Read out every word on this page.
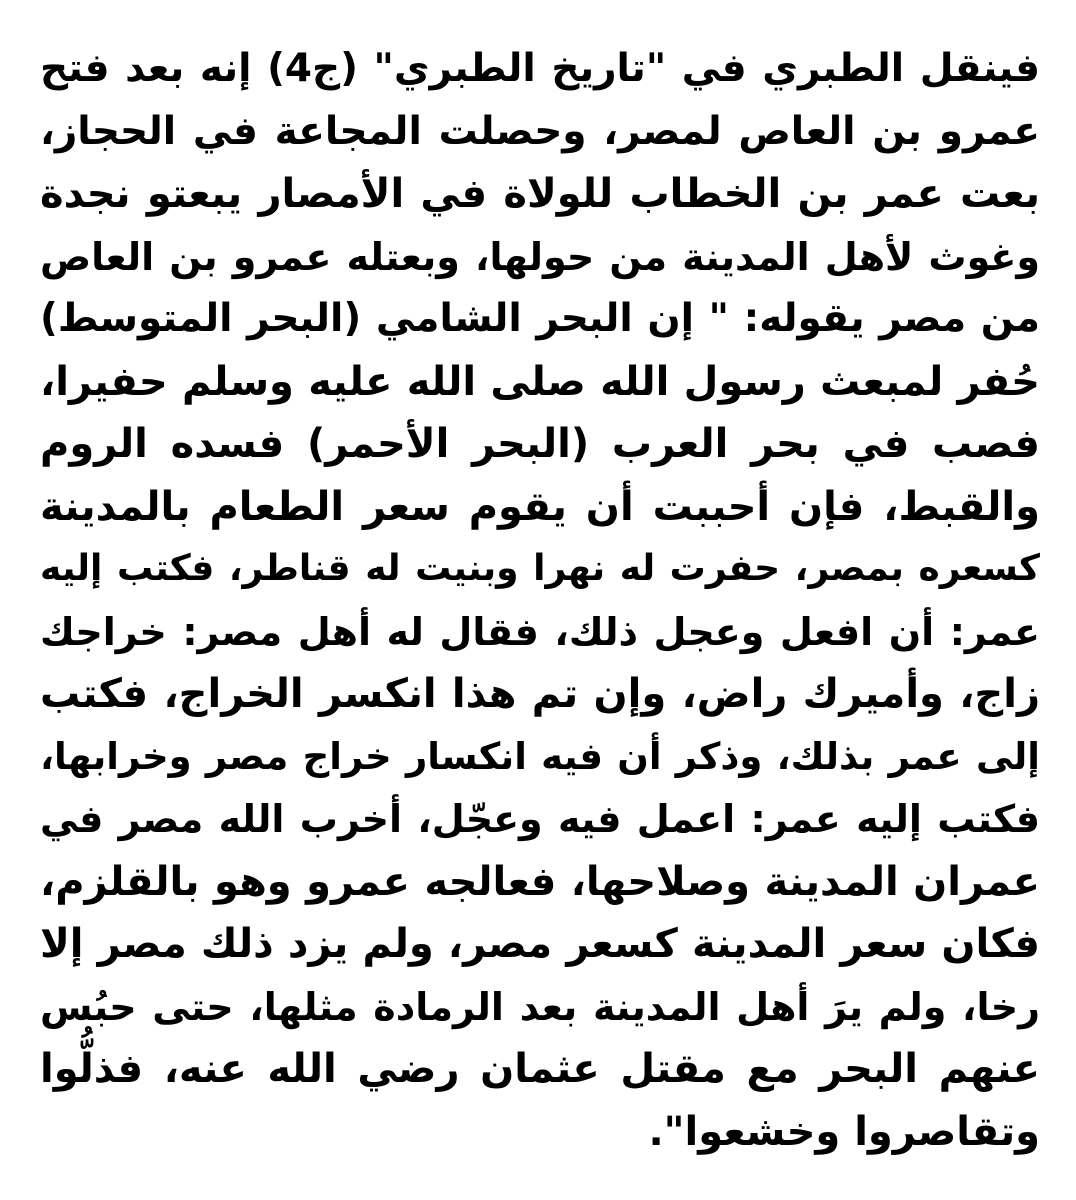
فينقل الطبري في "تاريخ الطبري" (ج4) إنه بعد فتح
عمرو بن العاص لمصر، وحصلت المجاعة في الحجاز،
بعت عمر بن الخطاب للولاة في الأمصار يبعتو نجدة
وغوث لأهل المدينة من حولها، وبعتله عمرو بن العاص
من مصر يقوله: " إن البحر الشامي (البحر المتوسط)
حُفر لمبعث رسول الله صلى الله عليه وسلم حفيرا،
فصب في بحر العرب (البحر الأحمر) فسده الروم
والقبط، فإن أحببت أن يقوم سعر الطعام بالمدينة
كسعره بمصر، حفرت له نهرا وبنيت له قناطر، فكتب إليه
عمر: أن افعل وعجل ذلك، فقال له أهل مصر: خراجك
زاج، وأميرك راض، وإن تم هذا انكسر الخراج، فكتب
إلى عمر بذلك، وذكر أن فيه انكسار خراج مصر وخرابها،
فكتب إليه عمر: اعمل فيه وعجّل، أخرب الله مصر في
عمران المدينة وصلاحها، فعالجه عمرو وهو بالقلزم،
فكان سعر المدينة كسعر مصر، ولم يزد ذلك مصر إلا
رخا، ولم يرَ أهل المدينة بعد الرمادة مثلها، حتى حبُس
عنهم البحر مع مقتل عثمان رضي الله عنه، فذلُّوا
وتقاصروا وخشعوا".
